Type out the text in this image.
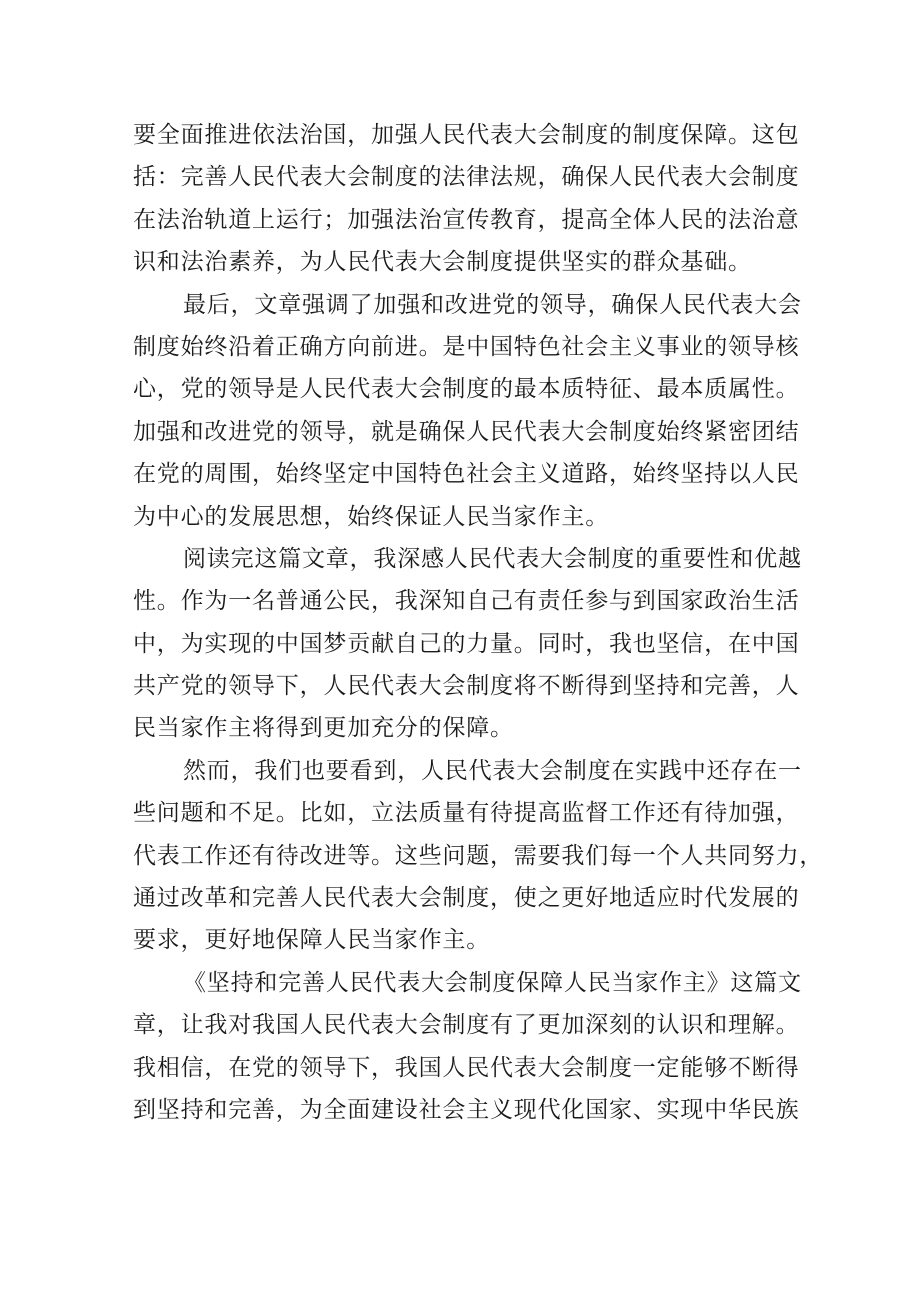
要全面推进依法治国，加强人民代表大会制度的制度保障。这包
括：完善人民代表大会制度的法律法规，确保人民代表大会制度
在法治轨道上运行；加强法治宣传教育，提高全体人民的法治意
识和法治素养，为人民代表大会制度提供坚实的群众基础。
最后，文章强调了加强和改进党的领导，确保人民代表大会
制度始终沿着正确方向前进。是中国特色社会主义事业的领导核
心，党的领导是人民代表大会制度的最本质特征、最本质属性。
加强和改进党的领导，就是确保人民代表大会制度始终紧密团结
在党的周围，始终坚定中国特色社会主义道路，始终坚持以人民
为中心的发展思想，始终保证人民当家作主。
阅读完这篇文章，我深感人民代表大会制度的重要性和优越
性。作为一名普通公民，我深知自己有责任参与到国家政治生活
中，为实现的中国梦贡献自己的力量。同时，我也坚信，在中国
共产党的领导下，人民代表大会制度将不断得到坚持和完善，人
民当家作主将得到更加充分的保障。
然而，我们也要看到，人民代表大会制度在实践中还存在一
些问题和不足。比如，立法质量有待提高监督工作还有待加强，
代表工作还有待改进等。这些问题，需要我们每一个人共同努力，
通过改革和完善人民代表大会制度，使之更好地适应时代发展的
要求，更好地保障人民当家作主。
《坚持和完善人民代表大会制度保障人民当家作主》这篇文
章，让我对我国人民代表大会制度有了更加深刻的认识和理解。
我相信，在党的领导下，我国人民代表大会制度一定能够不断得
到坚持和完善，为全面建设社会主义现代化国家、实现中华民族
